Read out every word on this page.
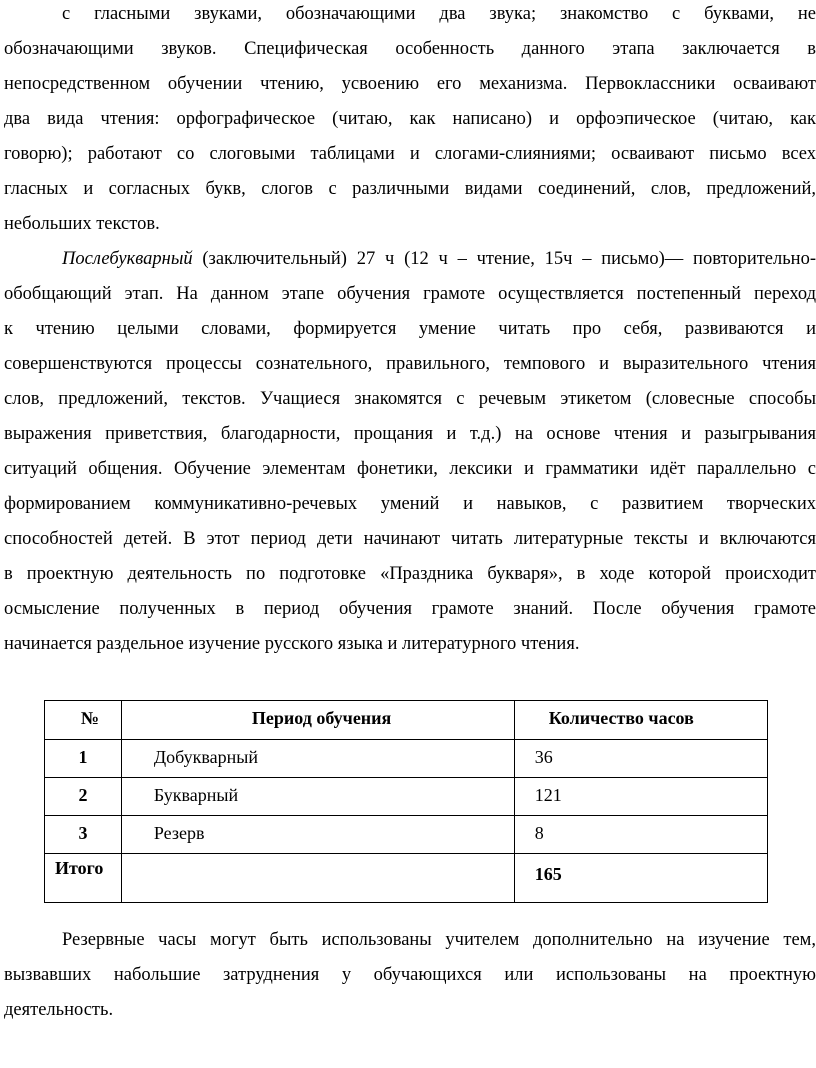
с гласными звуками, обозначающими два звука; знакомство с буквами, не
обозначающими звуков. Специфическая особенность данного этапа заключается в
непосредственном обучении чтению, усвоению его механизма. Первоклассники осваивают
два вида чтения: орфографическое (читаю, как написано) и орфоэпическое (читаю, как
говорю); работают со слоговыми таблицами и слогами-слияниями; осваивают письмо всех
гласных и согласных букв, слогов с различными видами соединений, слов, предложений,
небольших текстов.
Послебукварный (заключительный) 27 ч (12 ч – чтение, 15ч – письмо)–– повторительно-
обобщающий этап. На данном этапе обучения грамоте осуществляется постепенный переход
к чтению целыми словами, формируется умение читать про себя, развиваются и
совершенствуются процессы сознательного, правильного, темпового и выразительного чтения
слов, предложений, текстов. Учащиеся знакомятся с речевым этикетом (словесные способы
выражения приветствия, благодарности, прощания и т.д.) на основе чтения и разыгрывания
ситуаций общения. Обучение элементам фонетики, лексики и грамматики идёт параллельно с
формированием коммуникативно-речевых умений и навыков, с развитием творческих
способностей детей. В этот период дети начинают читать литературные тексты и включаются
в проектную деятельность по подготовке «Праздника букваря», в ходе которой происходит
осмысление полученных в период обучения грамоте знаний. После обучения грамоте
начинается раздельное изучение русского языка и литературного чтения.
№	Период обучения	Количество часов

1	Добукварный	36

2	Букварный	121

3	Резерв	8

Итого		165
Резервные часы могут быть использованы учителем дополнительно на изучение тем,
вызвавших набольшие затруднения у обучающихся или использованы на проектную
деятельность.
